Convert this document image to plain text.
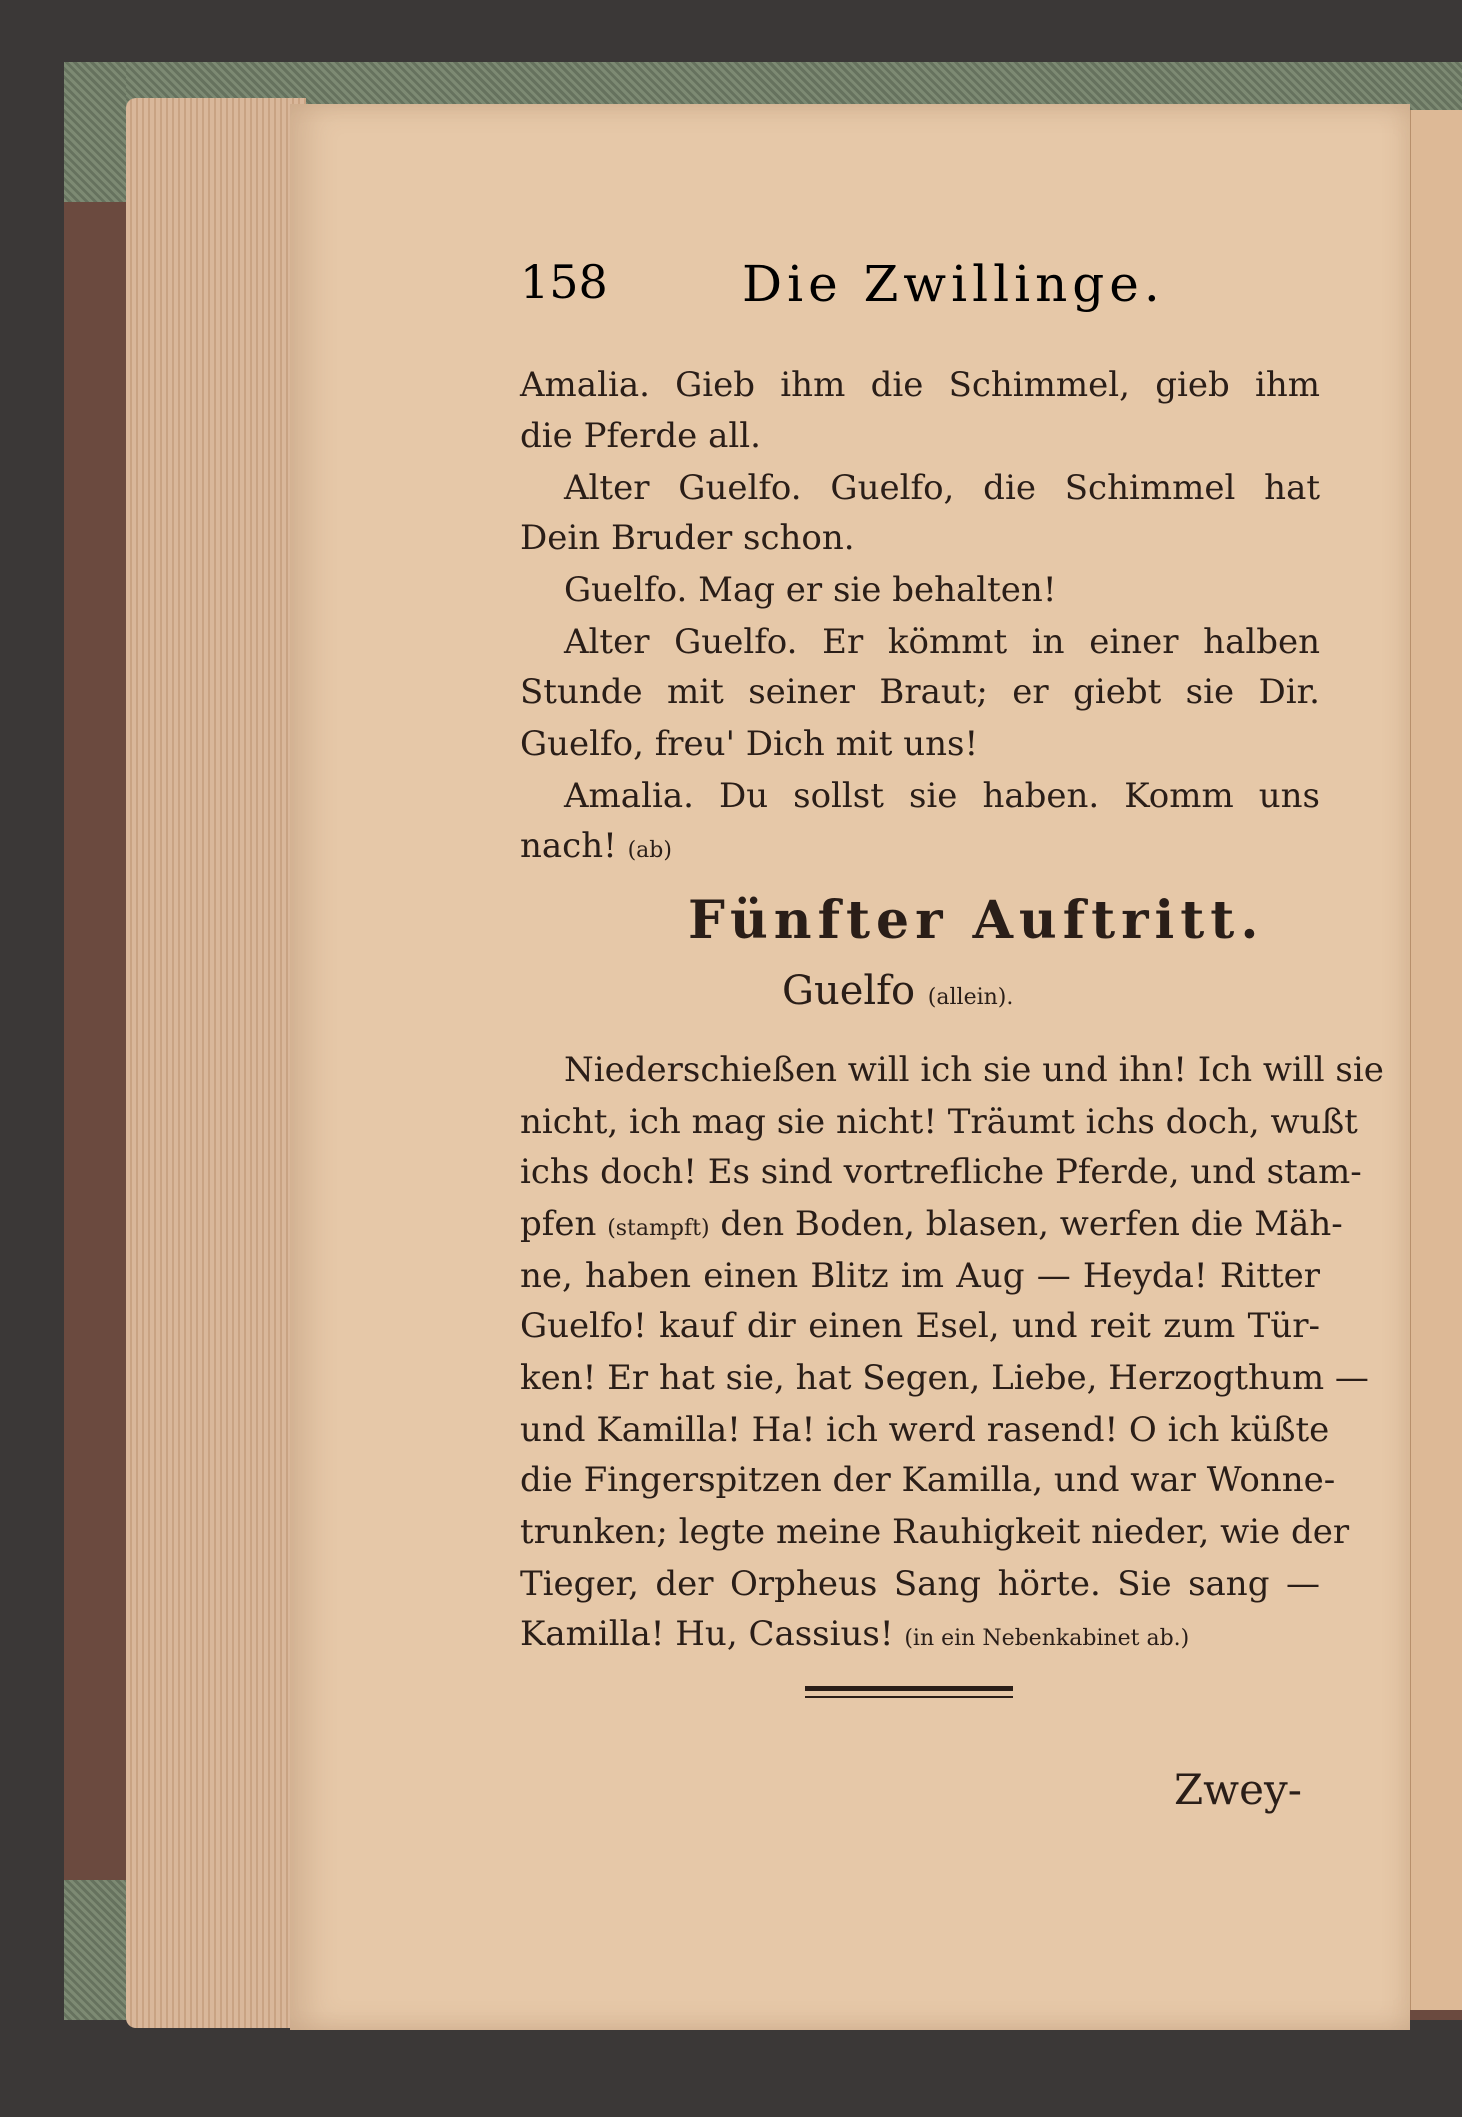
158	Die Zwillinge.
Amalia. Gieb ihm die Schimmel, gieb ihm
die Pferde all.
Alter Guelfo. Guelfo, die Schimmel hat
Dein Bruder schon.
Guelfo. Mag er sie behalten!
Alter Guelfo. Er kömmt in einer halben
Stunde mit seiner Braut; er giebt sie Dir.
Guelfo, freu' Dich mit uns!
Amalia. Du sollst sie haben. Komm uns
nach! (ab)
Fünfter Auftritt.
Guelfo (allein).
Niederschießen will ich sie und ihn! Ich will sie
nicht, ich mag sie nicht! Träumt ichs doch, wußt
ichs doch! Es sind vortrefliche Pferde, und stam-
pfen (stampft) den Boden, blasen, werfen die Mäh-
ne, haben einen Blitz im Aug — Heyda! Ritter
Guelfo! kauf dir einen Esel, und reit zum Tür-
ken! Er hat sie, hat Segen, Liebe, Herzogthum —
und Kamilla! Ha! ich werd rasend! O ich küßte
die Fingerspitzen der Kamilla, und war Wonne-
trunken; legte meine Rauhigkeit nieder, wie der
Tieger, der Orpheus Sang hörte. Sie sang —
Kamilla! Hu, Cassius! (in ein Nebenkabinet ab.)
Zwey-
